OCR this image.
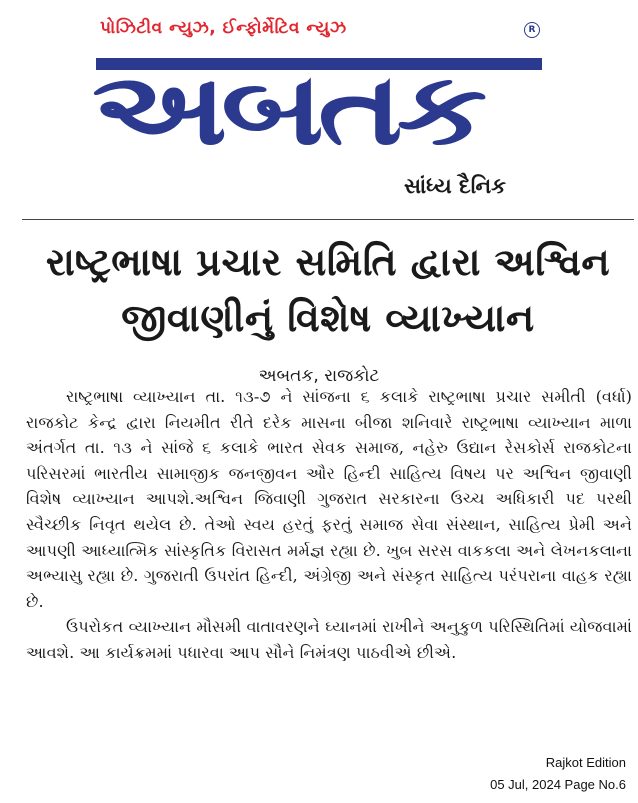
પોઝિટીવ ન્યુઝ, ઈન્ફોર્મેટિવ ન્યુઝ	R
અબતક
સાંધ્ય દૈનિક
રાષ્ટ્રભાષા પ્રચાર સમિતિ દ્વારા અશ્વિન
જીવાણીનું વિશેષ વ્યાખ્યાન
અબતક, રાજકોટ

રાષ્ટ્રભાષા વ્યાખ્યાન તા. ૧૩-૭ ને સાંજના ૬ કલાકે રાષ્ટ્રભાષા પ્રચાર સમીતી (વર્ધા) રાજકોટ કેન્દ્ર દ્વારા નિયમીત રીતે દરેક માસના બીજા શનિવારે રાષ્ટ્રભાષા વ્યાખ્યાન માળા અંતર્ગત તા. ૧૩ ને સાંજે ૬ કલાકે ભારત સેવક સમાજ, નહેરુ ઉદ્યાન રેસકોર્સ રાજકોટના પરિસરમાં ભારતીય સામાજીક જનજીવન ઔર હિન્દી સાહિત્ય વિષય પર અશ્વિન જીવાણી વિશેષ વ્યાખ્યાન આપશે.અશ્વિન જિવાણી ગુજરાત સરકારના ઉચ્ચ અધિકારી પદ પરથી સ્વૈચ્છીક નિવૃત થયેલ છે. તેઓ સ્વય હરતું ફરતું સમાજ સેવા સંસ્થાન, સાહિત્ય પ્રેમી અને આપણી આધ્યાત્મિક સાંસ્કૃતિક વિરાસત મર્મજ્ઞ રહ્યા છે. ખુબ સરસ વાકકલા અને લેખનકલાના અભ્યાસુ રહ્યા છે. ગુજરાતી ઉપરાંત હિન્દી, અંગ્રેજી અને સંસ્કૃત સાહિત્ય પરંપરાના વાહક રહ્યા છે.

ઉપરોકત વ્યાખ્યાન મૌસમી વાતાવરણને ઘ્યાનમાં રાખીને અનુકુળ પરિસ્થિતિમાં યોજવામાં આવશે. આ કાર્યક્રમમાં પધારવા આપ સૌને નિમંત્રણ પાઠવીએ છીએ.

Rajkot Edition
05 Jul, 2024 Page No.6
